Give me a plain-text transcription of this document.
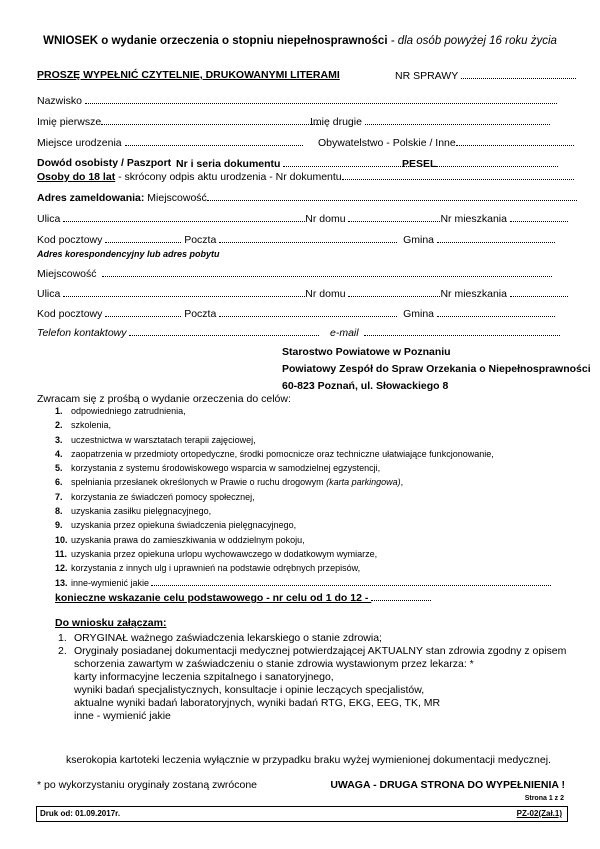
WNIOSEK o wydanie orzeczenia o stopniu niepełnosprawności - dla osób powyżej 16 roku życia
PROSZĘ WYPEŁNIĆ CZYTELNIE, DRUKOWANYMI LITERAMI	NR SPRAWY
Nazwisko
Imię pierwsze	Imię drugie
Miejsce urodzenia	Obywatelstwo - Polskie / Inne
Dowód osobisty / Paszport Nr i seria dokumentu	PESEL
Osoby do 18 lat - skrócony odpis aktu urodzenia - Nr dokumentu
Adres zameldowania: Miejscowość
Ulica	Nr domu	Nr mieszkania
Kod pocztowy	Poczta	Gmina
Adres korespondencyjny lub adres pobytu
Miejscowość
Ulica	Nr domu	Nr mieszkania
Kod pocztowy	Poczta	Gmina
Telefon kontaktowy	e-mail
Starostwo Powiatowe w Poznaniu
Powiatowy Zespół do Spraw Orzekania o Niepełnosprawności
60-823 Poznań, ul. Słowackiego 8
Zwracam się z prośbą o wydanie orzeczenia do celów:
1. odpowiedniego zatrudnienia,
2. szkolenia,
3. uczestnictwa w warsztatach terapii zajęciowej,
4. zaopatrzenia w przedmioty ortopedyczne, środki pomocnicze oraz techniczne ułatwiające funkcjonowanie,
5. korzystania z systemu środowiskowego wsparcia w samodzielnej egzystencji,
6. spełniania przesłanek określonych w Prawie o ruchu drogowym (karta parkingowa),
7. korzystania ze świadczeń pomocy społecznej,
8. uzyskania zasiłku pielęgnacyjnego,
9. uzyskania przez opiekuna świadczenia pielęgnacyjnego,
10. uzyskania prawa do zamieszkiwania w oddzielnym pokoju,
11. uzyskania przez opiekuna urlopu wychowawczego w dodatkowym wymiarze,
12. korzystania z innych ulg i uprawnień na podstawie odrębnych przepisów,
13. inne-wymienić jakie
konieczne wskazanie celu podstawowego - nr celu od 1 do 12 -
Do wniosku załączam:
1. ORYGINAŁ ważnego zaświadczenia lekarskiego o stanie zdrowia;
2. Oryginały posiadanej dokumentacji medycznej potwierdzającej AKTUALNY stan zdrowia zgodny z opisem
schorzenia zawartym w zaświadczeniu o stanie zdrowia wystawionym przez lekarza: *
karty informacyjne leczenia szpitalnego i sanatoryjnego,
wyniki badań specjalistycznych, konsultacje i opinie leczących specjalistów,
aktualne wyniki badań laboratoryjnych, wyniki badań RTG, EKG, EEG, TK, MR
inne - wymienić jakie
kserokopia kartoteki leczenia wyłącznie w przypadku braku wyżej wymienionej dokumentacji medycznej.
* po wykorzystaniu oryginały zostaną zwrócone	UWAGA - DRUGA STRONA DO WYPEŁNIENIA !
Strona 1 z 2
Druk od: 01.09.2017r.	PZ-02(Zał.1)
